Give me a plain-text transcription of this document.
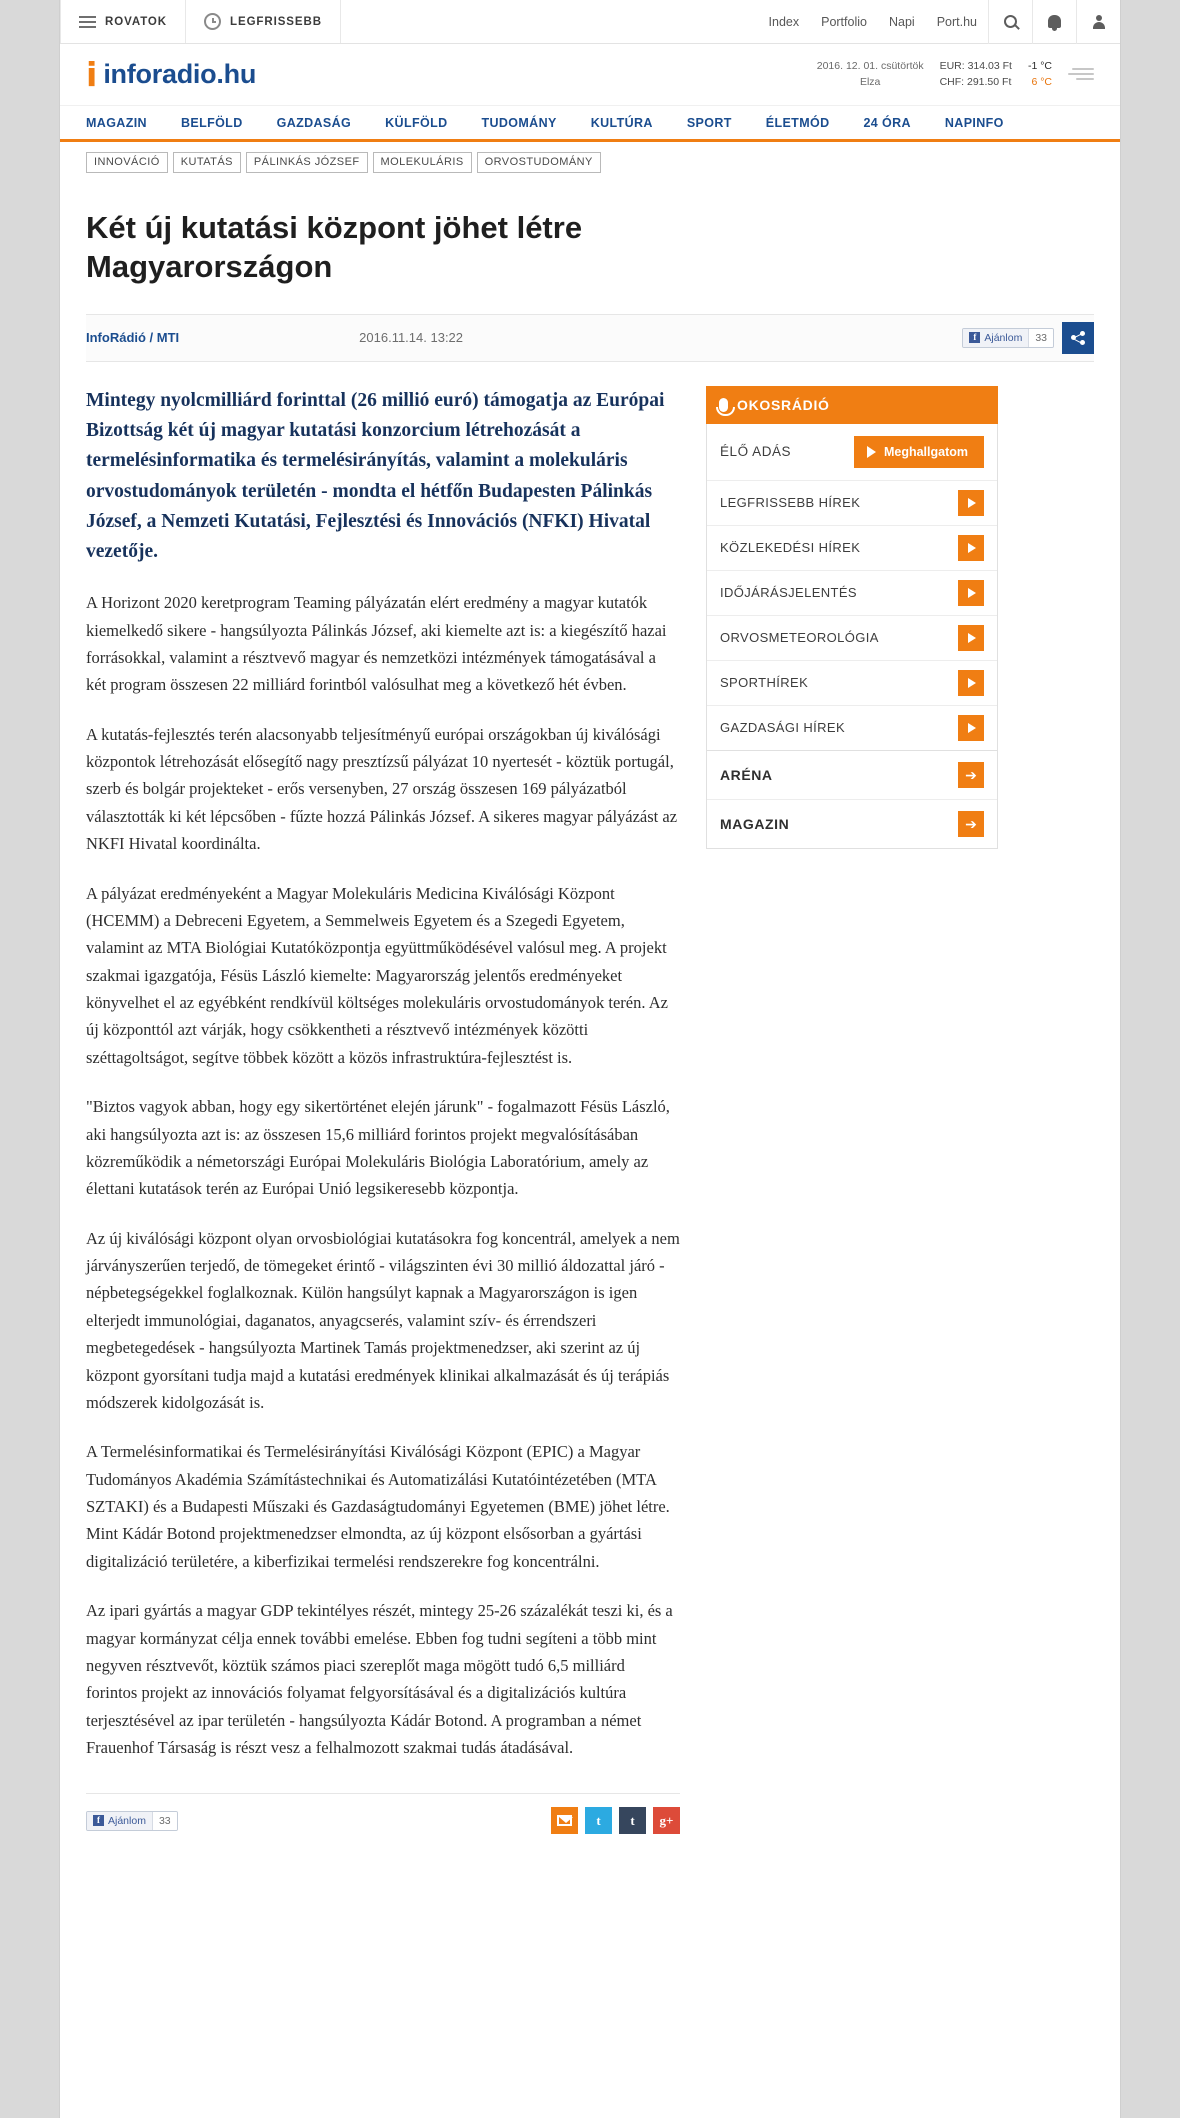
ROVATOK	LEGFRISSEBB	Index	Portfolio	Napi	Port.hu
i inforadio.hu	2016. 12. 01. csütörtök
Elza
EUR: 314.03 Ft
CHF: 291.50 Ft
-1 °C
6 °C
MAGAZIN	BELFÖLD	GAZDASÁG	KÜLFÖLD	TUDOMÁNY	KULTÚRA	SPORT	ÉLETMÓD	24 ÓRA	NAPINFO
INNOVÁCIÓ	KUTATÁS	PÁLINKÁS JÓZSEF	MOLEKULÁRIS	ORVOSTUDOMÁNY
Két új kutatási központ jöhet létre Magyarországon
InfoRádió / MTI	2016.11.14. 13:22	f Ajánlom	33

Mintegy nyolcmilliárd forinttal (26 millió euró) támogatja az Európai Bizottság két új magyar kutatási konzorcium létrehozását a termelésinformatika és termelésirányítás, valamint a molekuláris orvostudományok területén - mondta el hétfőn Budapesten Pálinkás József, a Nemzeti Kutatási, Fejlesztési és Innovációs (NFKI) Hivatal vezetője.

A Horizont 2020 keretprogram Teaming pályázatán elért eredmény a magyar kutatók kiemelkedő sikere - hangsúlyozta Pálinkás József, aki kiemelte azt is: a kiegészítő hazai forrásokkal, valamint a résztvevő magyar és nemzetközi intézmények támogatásával a két program összesen 22 milliárd forintból valósulhat meg a következő hét évben.

A kutatás-fejlesztés terén alacsonyabb teljesítményű európai országokban új kiválósági központok létrehozását elősegítő nagy presztízsű pályázat 10 nyertesét - köztük portugál, szerb és bolgár projekteket - erős versenyben, 27 ország összesen 169 pályázatból választották ki két lépcsőben - fűzte hozzá Pálinkás József. A sikeres magyar pályázást az NKFI Hivatal koordinálta.

A pályázat eredményeként a Magyar Molekuláris Medicina Kiválósági Központ (HCEMM) a Debreceni Egyetem, a Semmelweis Egyetem és a Szegedi Egyetem, valamint az MTA Biológiai Kutatóközpontja együttműködésével valósul meg. A projekt szakmai igazgatója, Fésüs László kiemelte: Magyarország jelentős eredményeket könyvelhet el az egyébként rendkívül költséges molekuláris orvostudományok terén. Az új központtól azt várják, hogy csökkentheti a résztvevő intézmények közötti széttagoltságot, segítve többek között a közös infrastruktúra-fejlesztést is.

"Biztos vagyok abban, hogy egy sikertörténet elején járunk" - fogalmazott Fésüs László, aki hangsúlyozta azt is: az összesen 15,6 milliárd forintos projekt megvalósításában közreműködik a németországi Európai Molekuláris Biológia Laboratórium, amely az élettani kutatások terén az Európai Unió legsikeresebb központja.

Az új kiválósági központ olyan orvosbiológiai kutatásokra fog koncentrál, amelyek a nem járványszerűen terjedő, de tömegeket érintő - világszinten évi 30 millió áldozattal járó - népbetegségekkel foglalkoznak. Külön hangsúlyt kapnak a Magyarországon is igen elterjedt immunológiai, daganatos, anyagcserés, valamint szív- és érrendszeri megbetegedések - hangsúlyozta Martinek Tamás projektmenedzser, aki szerint az új központ gyorsítani tudja majd a kutatási eredmények klinikai alkalmazását és új terápiás módszerek kidolgozását is.

A Termelésinformatikai és Termelésirányítási Kiválósági Központ (EPIC) a Magyar Tudományos Akadémia Számítástechnikai és Automatizálási Kutatóintézetében (MTA SZTAKI) és a Budapesti Műszaki és Gazdaságtudományi Egyetemen (BME) jöhet létre. Mint Kádár Botond projektmenedzser elmondta, az új központ elsősorban a gyártási digitalizáció területére, a kiberfizikai termelési rendszerekre fog koncentrálni.

Az ipari gyártás a magyar GDP tekintélyes részét, mintegy 25-26 százalékát teszi ki, és a magyar kormányzat célja ennek további emelése. Ebben fog tudni segíteni a több mint negyven résztvevőt, köztük számos piaci szereplőt maga mögött tudó 6,5 milliárd forintos projekt az innovációs folyamat felgyorsításával és a digitalizációs kultúra terjesztésével az ipar területén - hangsúlyozta Kádár Botond. A programban a német Frauenhof Társaság is részt vesz a felhalmozott szakmai tudás átadásával.

OKOSRÁDIÓ
ÉLŐ ADÁS	Meghallgatom
LEGFRISSEBB HÍREK
KÖZLEKEDÉSI HÍREK
IDŐJÁRÁSJELENTÉS
ORVOSMETEOROLÓGIA
SPORTHÍREK
GAZDASÁGI HÍREK
ARÉNA	➔
MAGAZIN	➔
f Ajánlom	33	t	t	g+
